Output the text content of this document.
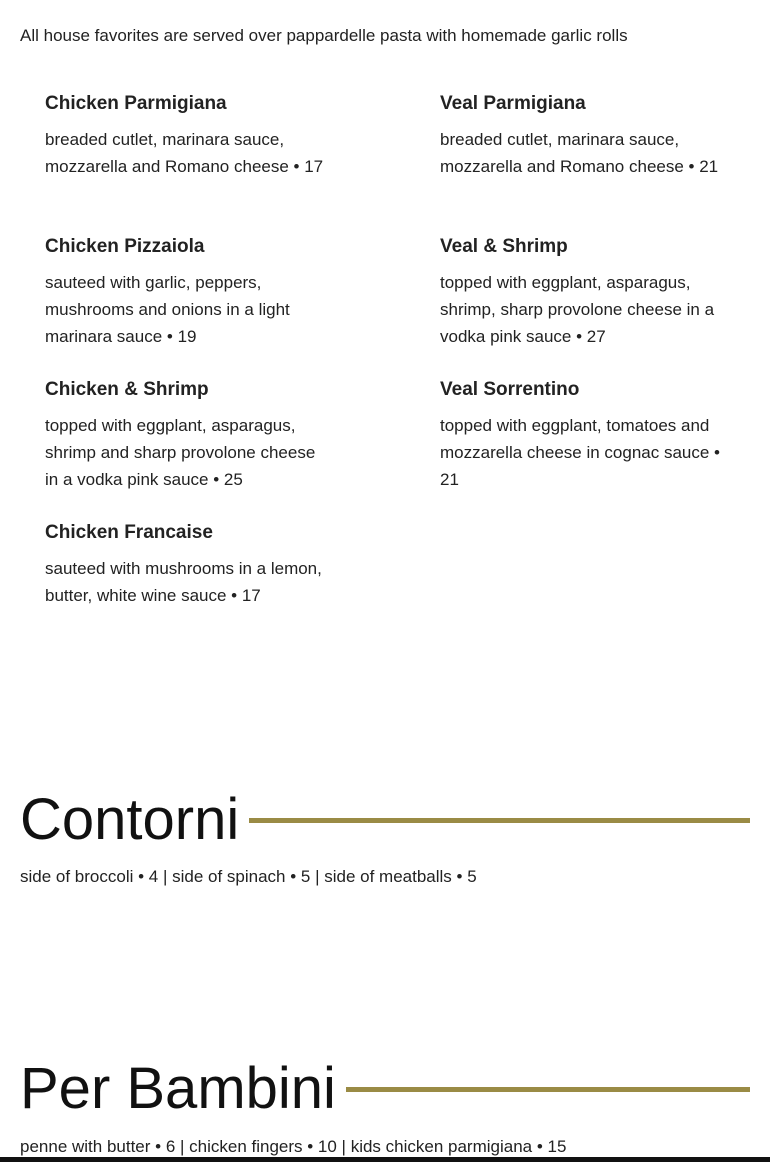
All house favorites are served over pappardelle pasta with homemade garlic rolls
Chicken Parmigiana
breaded cutlet, marinara sauce, mozzarella and Romano cheese • 17
Chicken Pizzaiola
sauteed with garlic, peppers, mushrooms and onions in a light marinara sauce • 19
Chicken & Shrimp
topped with eggplant, asparagus, shrimp and sharp provolone cheese in a vodka pink sauce • 25
Chicken Francaise
sauteed with mushrooms in a lemon, butter, white wine sauce • 17
Veal Parmigiana
breaded cutlet, marinara sauce, mozzarella and Romano cheese • 21
Veal & Shrimp
topped with eggplant, asparagus, shrimp, sharp provolone cheese in a vodka pink sauce • 27
Veal Sorrentino
topped with eggplant, tomatoes and mozzarella cheese in cognac sauce • 21
Contorni
side of broccoli • 4 | side of spinach • 5 | side of meatballs • 5
Per Bambini
penne with butter • 6 | chicken fingers • 10 | kids chicken parmigiana • 15
